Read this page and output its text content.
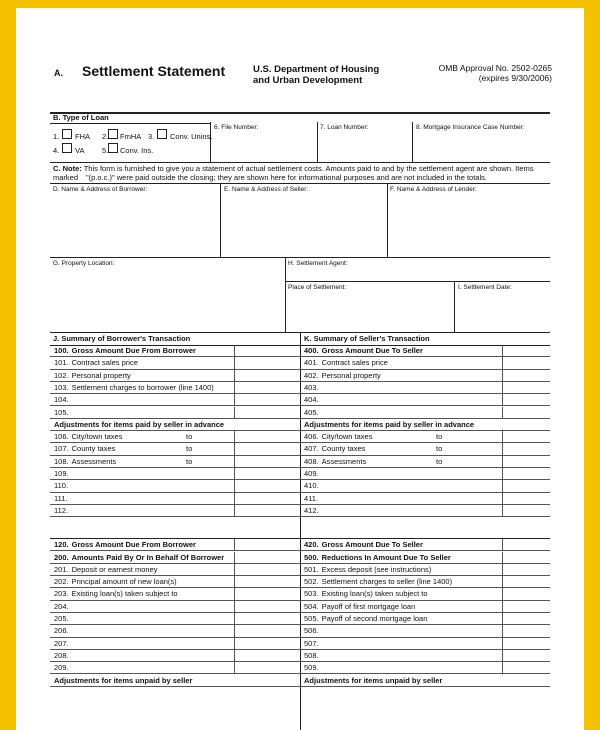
A. Settlement Statement	U.S. Department of Housing
and Urban Development
OMB Approval No. 2502-0265
(expires 9/30/2006)
B. Type of Loan
1. FHA 2. FmHA 3. Conv. Unins.
4. VA 5. Conv. Ins.
6. File Number:	7. Loan Number:	8. Mortgage Insurance Case Number:
C. Note: This form is furnished to give you a statement of actual settlement costs. Amounts paid to and by the settlement agent are shown. Items marked	"(p.o.c.)" were paid outside the closing; they are shown here for informational purposes and are not included in the totals.
D. Name & Address of Borrower:	E. Name & Address of Seller:	F. Name & Address of Lender:
G. Property Location:	H. Settlement Agent:
Place of Settlement:	I. Settlement Date:
J. Summary of Borrower's Transaction	K. Summary of Seller's Transaction
100. Gross Amount Due From Borrower
101. Contract sales price
102. Personal property
103. Settlement charges to borrower (line 1400)
104.
105.
Adjustments for items paid by seller in advance
106. City/town taxes	to
107. County taxes	to
108. Assessments	to
109.
110.
111.
112.
120. Gross Amount Due From Borrower
200. Amounts Paid By Or In Behalf Of Borrower
201. Deposit or earnest money
202. Principal amount of new loan(s)
203. Existing loan(s) taken subject to
204.
205.
206.
207.
208.
209.
Adjustments for items unpaid by seller
400. Gross Amount Due To Seller
401. Contract sales price
402. Personal property
403.
404.
405.
Adjustments for items paid by seller in advance
406. City/town taxes	to
407. County taxes	to
408. Assessments	to
409.
410.
411.
412.
420. Gross Amount Due To Seller
500. Reductions In Amount Due To Seller
501. Excess deposit (see instructions)
502. Settlement charges to seller (line 1400)
503. Existing loan(s) taken subject to
504. Payoff of first mortgage loan
505. Payoff of second mortgage loan
506.
507.
508.
509.
Adjustments for items unpaid by seller
